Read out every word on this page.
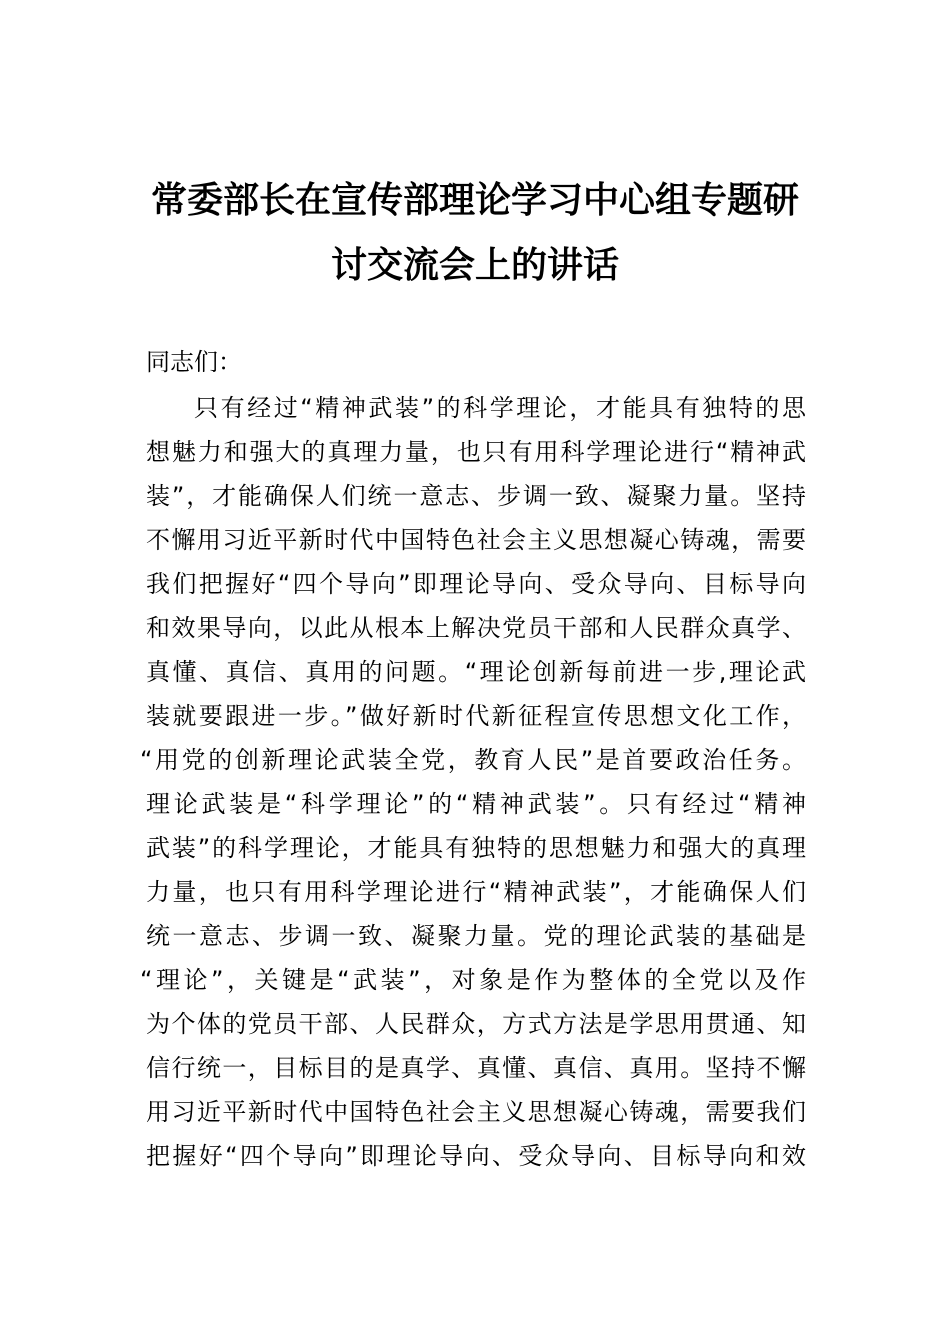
常委部长在宣传部理论学习中心组专题研
讨交流会上的讲话
同志们：
只有经过“精神武装”的科学理论，才能具有独特的思
想魅力和强大的真理力量，也只有用科学理论进行“精神武
装”，才能确保人们统一意志、步调一致、凝聚力量。坚持
不懈用习近平新时代中国特色社会主义思想凝心铸魂，需要
我们把握好“四个导向”即理论导向、受众导向、目标导向
和效果导向，以此从根本上解决党员干部和人民群众真学、
真懂、真信、真用的问题。“理论创新每前进一步,理论武
装就要跟进一步。”做好新时代新征程宣传思想文化工作，
“用党的创新理论武装全党，教育人民”是首要政治任务。
理论武装是“科学理论”的“精神武装”。只有经过“精神
武装”的科学理论，才能具有独特的思想魅力和强大的真理
力量，也只有用科学理论进行“精神武装”，才能确保人们
统一意志、步调一致、凝聚力量。党的理论武装的基础是
“理论”，关键是“武装”，对象是作为整体的全党以及作
为个体的党员干部、人民群众，方式方法是学思用贯通、知
信行统一，目标目的是真学、真懂、真信、真用。坚持不懈
用习近平新时代中国特色社会主义思想凝心铸魂，需要我们
把握好“四个导向”即理论导向、受众导向、目标导向和效
